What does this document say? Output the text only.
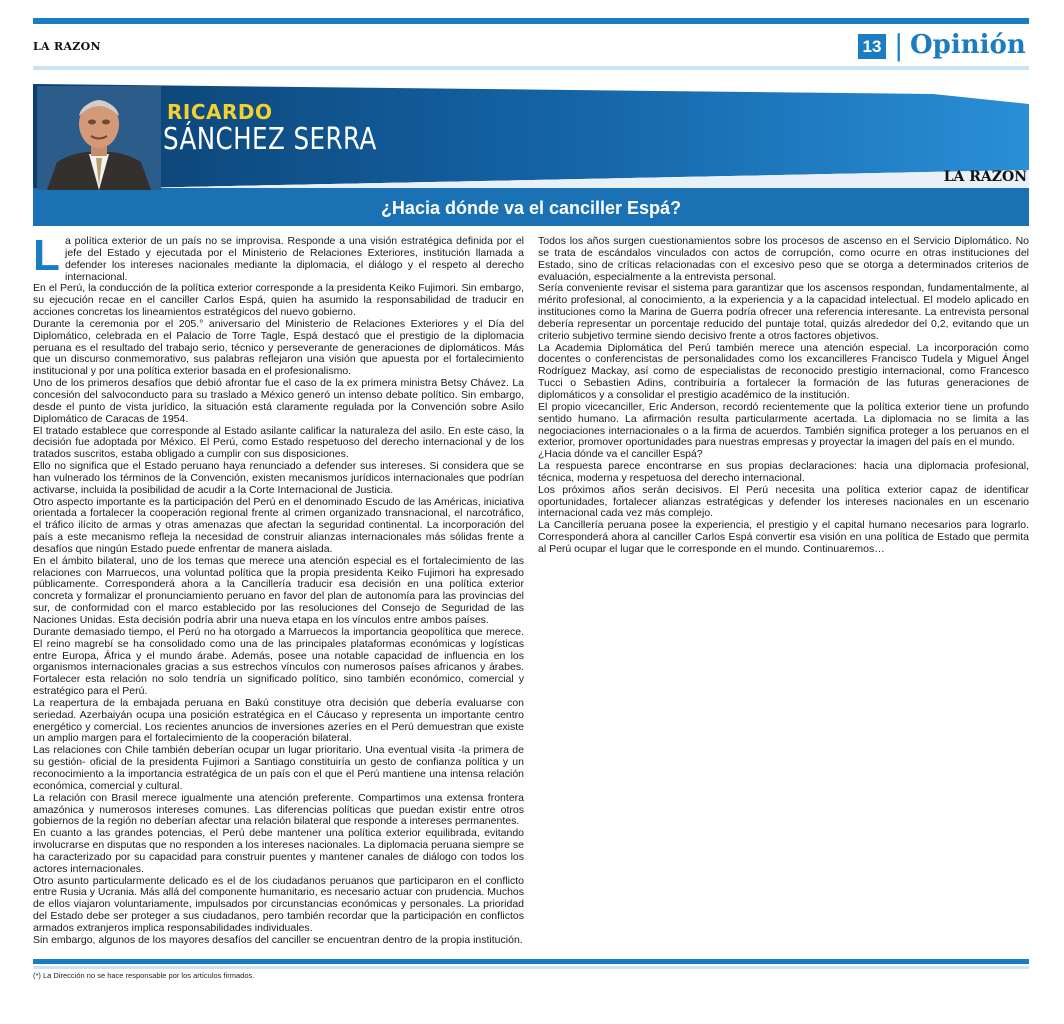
LA RAZON	13 | Opinión
RICARDO
SÁNCHEZ SERRA
LA RAZON
¿Hacia dónde va el canciller Espá?

La política exterior de un país no se improvisa. Responde a una visión estratégica definida por el jefe del Estado y ejecutada por el Ministerio de Relaciones Exteriores, institución llamada a defender los intereses nacionales mediante la diplomacia, el diálogo y el respeto al derecho internacional.

En el Perú, la conducción de la política exterior corresponde a la presidenta Keiko Fujimori. Sin embargo, su ejecución recae en el canciller Carlos Espá, quien ha asumido la responsabilidad de traducir en acciones concretas los lineamientos estratégicos del nuevo gobierno.

Durante la ceremonia por el 205.° aniversario del Ministerio de Relaciones Exteriores y el Día del Diplomático, celebrada en el Palacio de Torre Tagle, Espá destacó que el prestigio de la diplomacia peruana es el resultado del trabajo serio, técnico y perseverante de generaciones de diplomáticos. Más que un discurso conmemorativo, sus palabras reflejaron una visión que apuesta por el fortalecimiento institucional y por una política exterior basada en el profesionalismo.

Uno de los primeros desafíos que debió afrontar fue el caso de la ex primera ministra Betsy Chávez. La concesión del salvoconducto para su traslado a México generó un intenso debate político. Sin embargo, desde el punto de vista jurídico, la situación está claramente regulada por la Convención sobre Asilo Diplomático de Caracas de 1954.

El tratado establece que corresponde al Estado asilante calificar la naturaleza del asilo. En este caso, la decisión fue adoptada por México. El Perú, como Estado respetuoso del derecho internacional y de los tratados suscritos, estaba obligado a cumplir con sus disposiciones.

Ello no significa que el Estado peruano haya renunciado a defender sus intereses. Si considera que se han vulnerado los términos de la Convención, existen mecanismos jurídicos internacionales que podrían activarse, incluida la posibilidad de acudir a la Corte Internacional de Justicia.

Otro aspecto importante es la participación del Perú en el denominado Escudo de las Américas, iniciativa orientada a fortalecer la cooperación regional frente al crimen organizado transnacional, el narcotráfico, el tráfico ilícito de armas y otras amenazas que afectan la seguridad continental. La incorporación del país a este mecanismo refleja la necesidad de construir alianzas internacionales más sólidas frente a desafíos que ningún Estado puede enfrentar de manera aislada.

En el ámbito bilateral, uno de los temas que merece una atención especial es el fortalecimiento de las relaciones con Marruecos, una voluntad política que la propia presidenta Keiko Fujimori ha expresado públicamente. Corresponderá ahora a la Cancillería traducir esa decisión en una política exterior concreta y formalizar el pronunciamiento peruano en favor del plan de autonomía para las provincias del sur, de conformidad con el marco establecido por las resoluciones del Consejo de Seguridad de las Naciones Unidas. Esta decisión podría abrir una nueva etapa en los vínculos entre ambos países.

Durante demasiado tiempo, el Perú no ha otorgado a Marruecos la importancia geopolítica que merece. El reino magrebí se ha consolidado como una de las principales plataformas económicas y logísticas entre Europa, África y el mundo árabe. Además, posee una notable capacidad de influencia en los organismos internacionales gracias a sus estrechos vínculos con numerosos países africanos y árabes. Fortalecer esta relación no solo tendría un significado político, sino también económico, comercial y estratégico para el Perú.

La reapertura de la embajada peruana en Bakú constituye otra decisión que debería evaluarse con seriedad. Azerbaiyán ocupa una posición estratégica en el Cáucaso y representa un importante centro energético y comercial. Los recientes anuncios de inversiones azeríes en el Perú demuestran que existe un amplio margen para el fortalecimiento de la cooperación bilateral.

Las relaciones con Chile también deberían ocupar un lugar prioritario. Una eventual visita -la primera de su gestión- oficial de la presidenta Fujimori a Santiago constituiría un gesto de confianza política y un reconocimiento a la importancia estratégica de un país con el que el Perú mantiene una intensa relación económica, comercial y cultural.

La relación con Brasil merece igualmente una atención preferente. Compartimos una extensa frontera amazónica y numerosos intereses comunes. Las diferencias políticas que puedan existir entre otros gobiernos de la región no deberían afectar una relación bilateral que responde a intereses permanentes.

En cuanto a las grandes potencias, el Perú debe mantener una política exterior equilibrada, evitando involucrarse en disputas que no responden a los intereses nacionales. La diplomacia peruana siempre se ha caracterizado por su capacidad para construir puentes y mantener canales de diálogo con todos los actores internacionales.

Otro asunto particularmente delicado es el de los ciudadanos peruanos que participaron en el conflicto entre Rusia y Ucrania. Más allá del componente humanitario, es necesario actuar con prudencia. Muchos de ellos viajaron voluntariamente, impulsados por circunstancias económicas y personales. La prioridad del Estado debe ser proteger a sus ciudadanos, pero también recordar que la participación en conflictos armados extranjeros implica responsabilidades individuales.

Sin embargo, algunos de los mayores desafíos del canciller se encuentran dentro de la propia institución.

Todos los años surgen cuestionamientos sobre los procesos de ascenso en el Servicio Diplomático. No se trata de escándalos vinculados con actos de corrupción, como ocurre en otras instituciones del Estado, sino de críticas relacionadas con el excesivo peso que se otorga a determinados criterios de evaluación, especialmente a la entrevista personal.

Sería conveniente revisar el sistema para garantizar que los ascensos respondan, fundamentalmente, al mérito profesional, al conocimiento, a la experiencia y a la capacidad intelectual. El modelo aplicado en instituciones como la Marina de Guerra podría ofrecer una referencia interesante. La entrevista personal debería representar un porcentaje reducido del puntaje total, quizás alrededor del 0,2, evitando que un criterio subjetivo termine siendo decisivo frente a otros factores objetivos.

La Academia Diplomática del Perú también merece una atención especial. La incorporación como docentes o conferencistas de personalidades como los excancilleres Francisco Tudela y Miguel Ángel Rodríguez Mackay, así como de especialistas de reconocido prestigio internacional, como Francesco Tucci o Sebastien Adins, contribuiría a fortalecer la formación de las futuras generaciones de diplomáticos y a consolidar el prestigio académico de la institución.

El propio vicecanciller, Eric Anderson, recordó recientemente que la política exterior tiene un profundo sentido humano. La afirmación resulta particularmente acertada. La diplomacia no se limita a las negociaciones internacionales o a la firma de acuerdos. También significa proteger a los peruanos en el exterior, promover oportunidades para nuestras empresas y proyectar la imagen del país en el mundo.

¿Hacia dónde va el canciller Espá?

La respuesta parece encontrarse en sus propias declaraciones: hacia una diplomacia profesional, técnica, moderna y respetuosa del derecho internacional.

Los próximos años serán decisivos. El Perú necesita una política exterior capaz de identificar oportunidades, fortalecer alianzas estratégicas y defender los intereses nacionales en un escenario internacional cada vez más complejo.

La Cancillería peruana posee la experiencia, el prestigio y el capital humano necesarios para lograrlo. Corresponderá ahora al canciller Carlos Espá convertir esa visión en una política de Estado que permita al Perú ocupar el lugar que le corresponde en el mundo. Continuaremos…

(*) La Dirección no se hace responsable por los artículos firmados.
